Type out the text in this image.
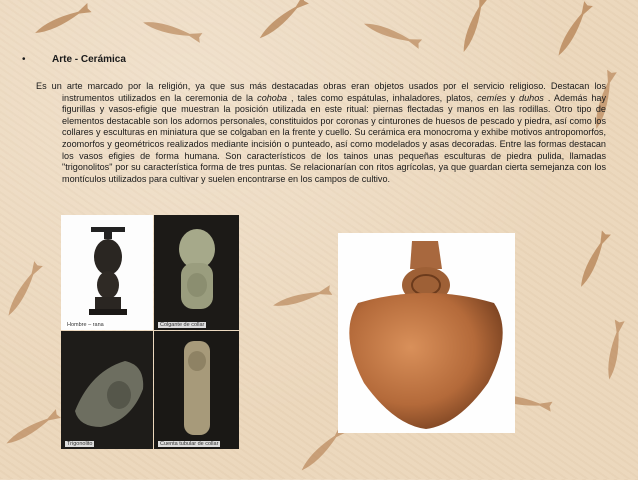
•	Arte - Cerámica
Es un arte marcado por la religión, ya que sus más destacadas obras eran objetos usados por el servicio religioso. Destacan los instrumentos utilizados en la ceremonia de la cohoba , tales como espátulas, inhaladores, platos, cemíes y duhos . Además hay figurillas y vasos-efigie que muestran la posición utilizada en este ritual: piernas flectadas y manos en las rodillas. Otro tipo de elementos destacable son los adornos personales, constituidos por coronas y cinturones de huesos de pescado y piedra, así como los collares y esculturas en miniatura que se colgaban en la frente y cuello. Su cerámica era monocroma y exhibe motivos antropomorfos, zoomorfos y geométricos realizados mediante incisión o punteado, así como modelados y asas decoradas. Entre las formas destacan los vasos efigies de forma humana. Son característicos de los tainos unas pequeñas esculturas de piedra pulida, llamadas "trigonolitos" por su característica forma de tres puntas. Se relacionarían con ritos agrícolas, ya que guardan cierta semejanza con los montículos utilizados para cultivar y suelen encontrarse en los campos de cultivo.
Hombre – rana	Colgante de collar
Trigonolito	Cuenta tubular de collar
